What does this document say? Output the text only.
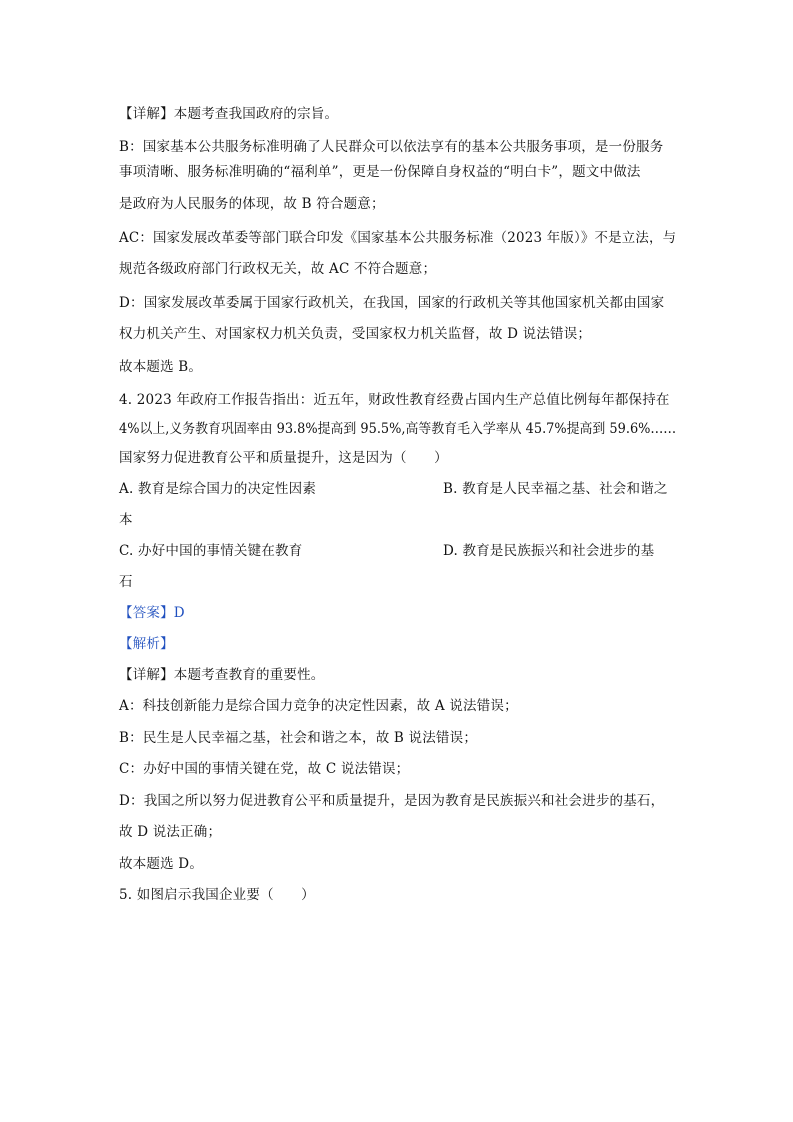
【详解】本题考查我国政府的宗旨。
B：国家基本公共服务标准明确了人民群众可以依法享有的基本公共服务事项，是一份服务
事项清晰、服务标准明确的“福利单”，更是一份保障自身权益的“明白卡”，题文中做法
是政府为人民服务的体现，故 B 符合题意；
AC：国家发展改革委等部门联合印发《国家基本公共服务标准（2023 年版）》不是立法，与
规范各级政府部门行政权无关，故 AC 不符合题意；
D：国家发展改革委属于国家行政机关，在我国，国家的行政机关等其他国家机关都由国家
权力机关产生、对国家权力机关负责，受国家权力机关监督，故 D 说法错误；
故本题选 B。
4. 2023 年政府工作报告指出：近五年，财政性教育经费占国内生产总值比例每年都保持在
4%以上,义务教育巩固率由 93.8%提高到 95.5%,高等教育毛入学率从 45.7%提高到 59.6%……
国家努力促进教育公平和质量提升，这是因为（　　）
A. 教育是综合国力的决定性因素	B. 教育是人民幸福之基、社会和谐之
本
C. 办好中国的事情关键在教育	D. 教育是民族振兴和社会进步的基
石
【答案】D
【解析】
【详解】本题考查教育的重要性。
A：科技创新能力是综合国力竞争的决定性因素，故 A 说法错误；
B：民生是人民幸福之基，社会和谐之本，故 B 说法错误；
C：办好中国的事情关键在党，故 C 说法错误；
D：我国之所以努力促进教育公平和质量提升，是因为教育是民族振兴和社会进步的基石，
故 D 说法正确；
故本题选 D。
5. 如图启示我国企业要（　　）
